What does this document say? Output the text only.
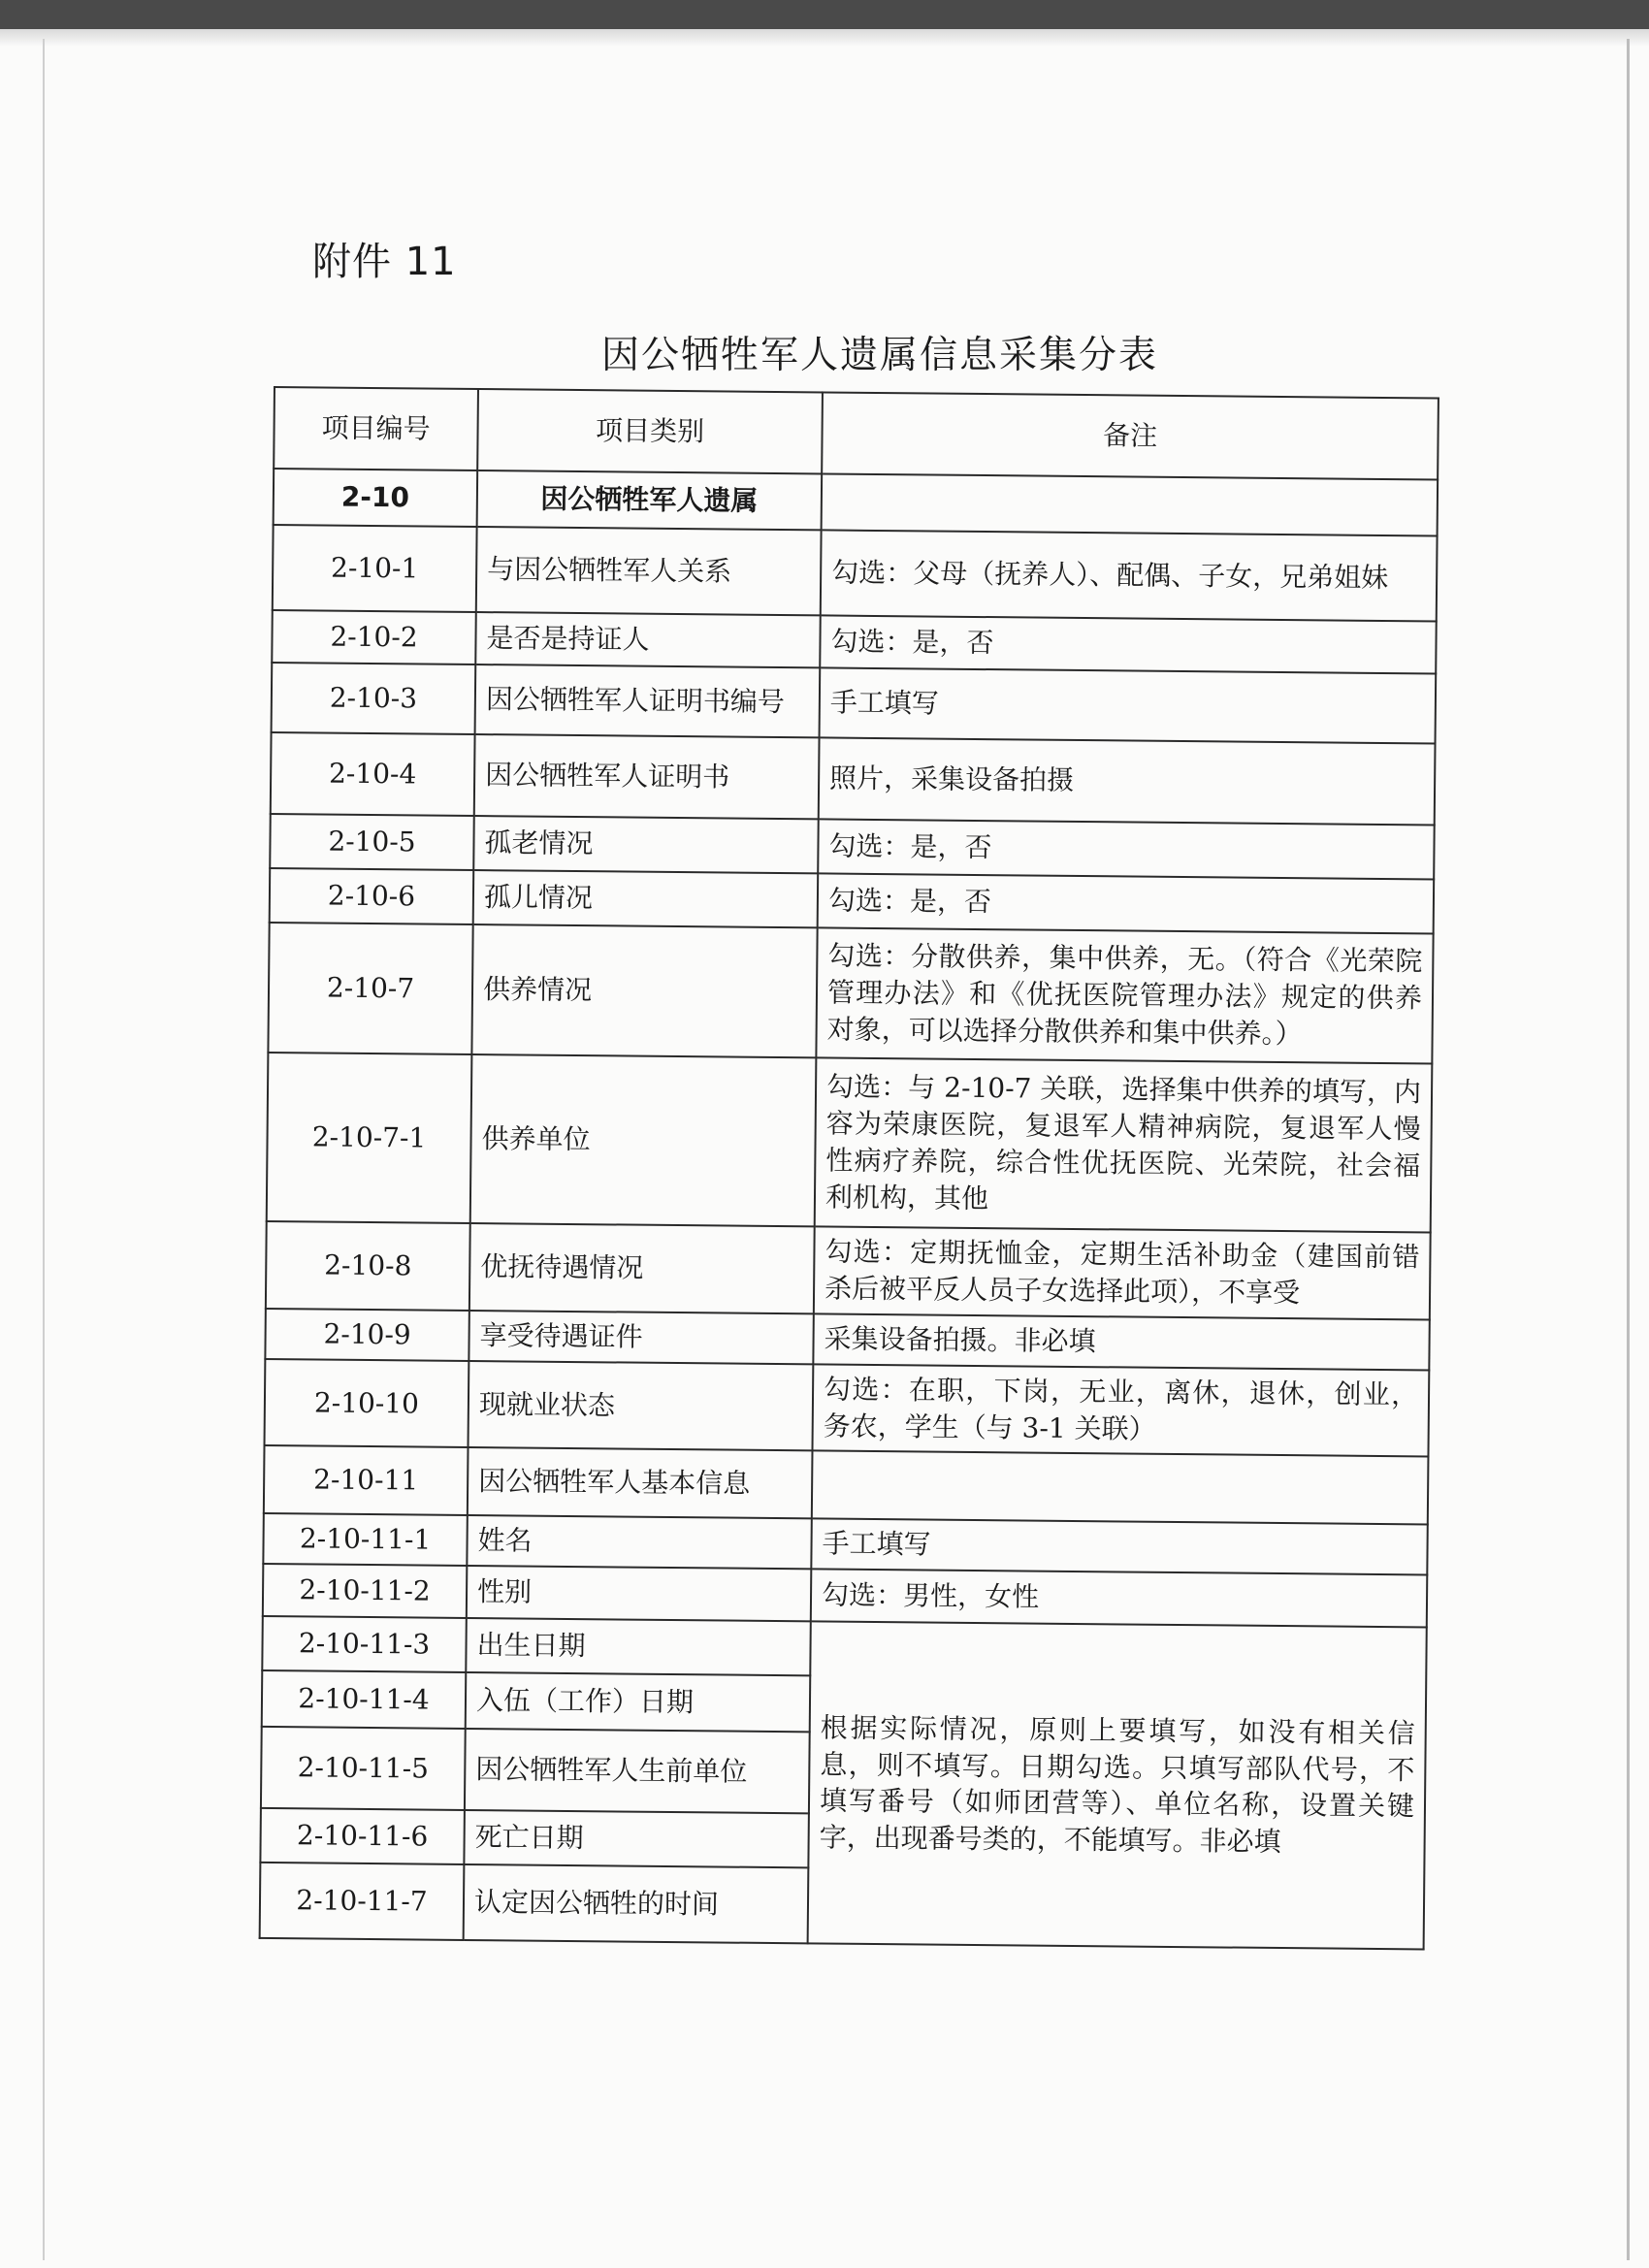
附件 11
因公牺牲军人遗属信息采集分表
项目编号	项目类别	备注
2-10	因公牺牲军人遗属	
2-10-1	与因公牺牲军人关系	勾选：父母（抚养人）、配偶、子女，兄弟姐妹
2-10-2	是否是持证人	勾选：是，否
2-10-3	因公牺牲军人证明书编号	手工填写
2-10-4	因公牺牲军人证明书	照片，采集设备拍摄
2-10-5	孤老情况	勾选：是，否
2-10-6	孤儿情况	勾选：是，否
2-10-7	供养情况	勾选：分散供养，集中供养，无。（符合《光荣院管理办法》和《优抚医院管理办法》规定的供养对象，可以选择分散供养和集中供养。）
2-10-7-1	供养单位	勾选：与 2-10-7 关联，选择集中供养的填写，内容为荣康医院，复退军人精神病院，复退军人慢性病疗养院，综合性优抚医院、光荣院，社会福利机构，其他
2-10-8	优抚待遇情况	勾选：定期抚恤金，定期生活补助金（建国前错杀后被平反人员子女选择此项），不享受
2-10-9	享受待遇证件	采集设备拍摄。非必填
2-10-10	现就业状态	勾选：在职，下岗，无业，离休，退休，创业，务农，学生（与 3-1 关联）
2-10-11	因公牺牲军人基本信息	
2-10-11-1	姓名	手工填写
2-10-11-2	性别	勾选：男性，女性
2-10-11-3	出生日期	根据实际情况，原则上要填写，如没有相关信息，则不填写。日期勾选。只填写部队代号，不填写番号（如师团营等）、单位名称，设置关键字，出现番号类的，不能填写。非必填
2-10-11-4	入伍（工作）日期	
2-10-11-5	因公牺牲军人生前单位	
2-10-11-6	死亡日期	
2-10-11-7	认定因公牺牲的时间	
